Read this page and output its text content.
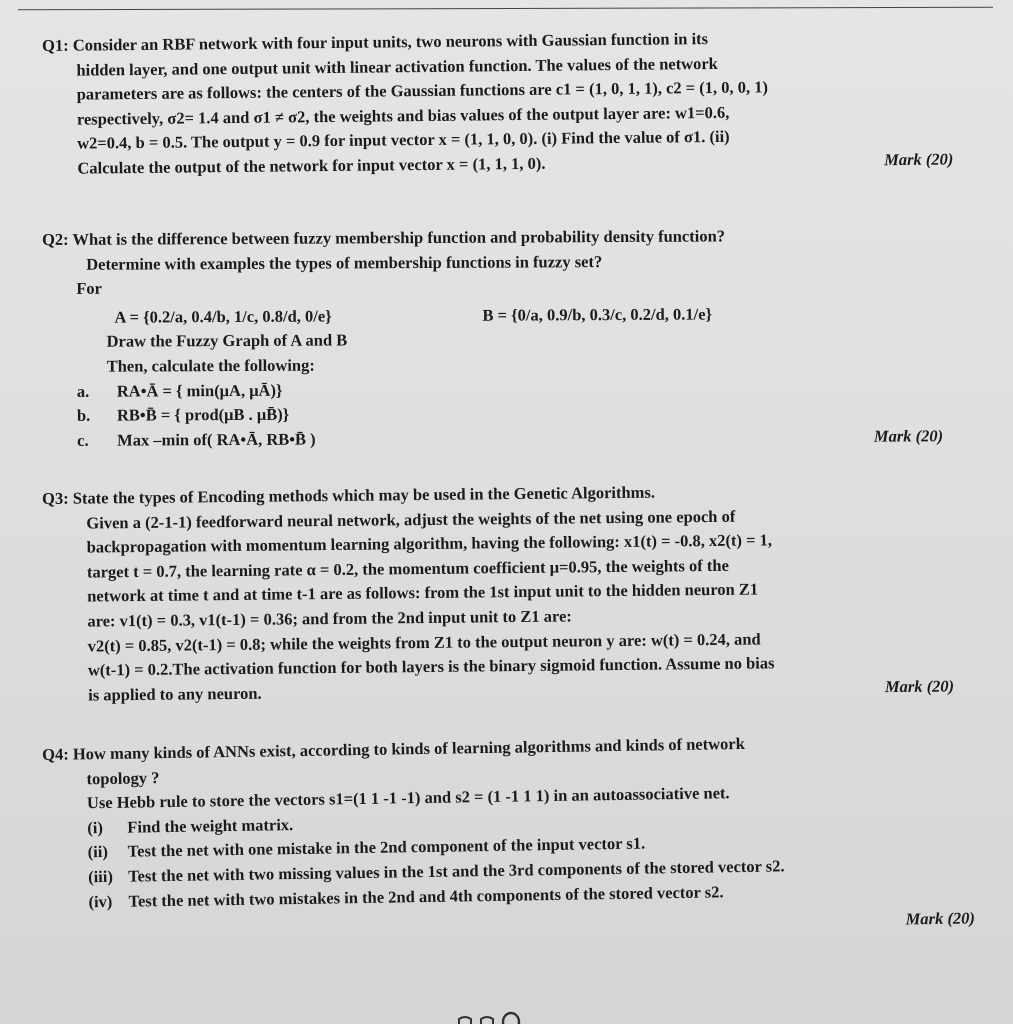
Q1: Consider an RBF network with four input units, two neurons with Gaussian function in its
hidden layer, and one output unit with linear activation function. The values of the network
parameters are as follows: the centers of the Gaussian functions are c1 = (1, 0, 1, 1), c2 = (1, 0, 0, 1)
respectively, σ2= 1.4 and σ1 ≠ σ2, the weights and bias values of the output layer are: w1=0.6,
w2=0.4, b = 0.5. The output y = 0.9 for input vector x = (1, 1, 0, 0). (i) Find the value of σ1. (ii)
Calculate the output of the network for input vector x = (1, 1, 1, 0).	Mark (20)
Q2: What is the difference between fuzzy membership function and probability density function?
Determine with examples the types of membership functions in fuzzy set?
For
A = {0.2/a, 0.4/b, 1/c, 0.8/d, 0/e}	B = {0/a, 0.9/b, 0.3/c, 0.2/d, 0.1/e}
Draw the Fuzzy Graph of A and B
Then, calculate the following:
a. RA•Ā = { min(μA, μĀ)}
b. RB•B̄ = { prod(μB . μB̄)}
c. Max –min of( RA•Ā, RB•B̄ )	Mark (20)
Q3: State the types of Encoding methods which may be used in the Genetic Algorithms.
Given a (2-1-1) feedforward neural network, adjust the weights of the net using one epoch of
backpropagation with momentum learning algorithm, having the following: x1(t) = -0.8, x2(t) = 1,
target t = 0.7, the learning rate α = 0.2, the momentum coefficient μ=0.95, the weights of the
network at time t and at time t-1 are as follows: from the 1st input unit to the hidden neuron Z1
are: v1(t) = 0.3, v1(t-1) = 0.36; and from the 2nd input unit to Z1 are:
v2(t) = 0.85, v2(t-1) = 0.8; while the weights from Z1 to the output neuron y are: w(t) = 0.24, and
w(t-1) = 0.2.The activation function for both layers is the binary sigmoid function. Assume no bias
is applied to any neuron.	Mark (20)
Q4: How many kinds of ANNs exist, according to kinds of learning algorithms and kinds of network
topology ?
Use Hebb rule to store the vectors s1=(1 1 -1 -1) and s2 = (1 -1 1 1) in an autoassociative net.
(i) Find the weight matrix.
(ii) Test the net with one mistake in the 2nd component of the input vector s1.
(iii) Test the net with two missing values in the 1st and the 3rd components of the stored vector s2.
(iv) Test the net with two mistakes in the 2nd and 4th components of the stored vector s2.
Mark (20)
